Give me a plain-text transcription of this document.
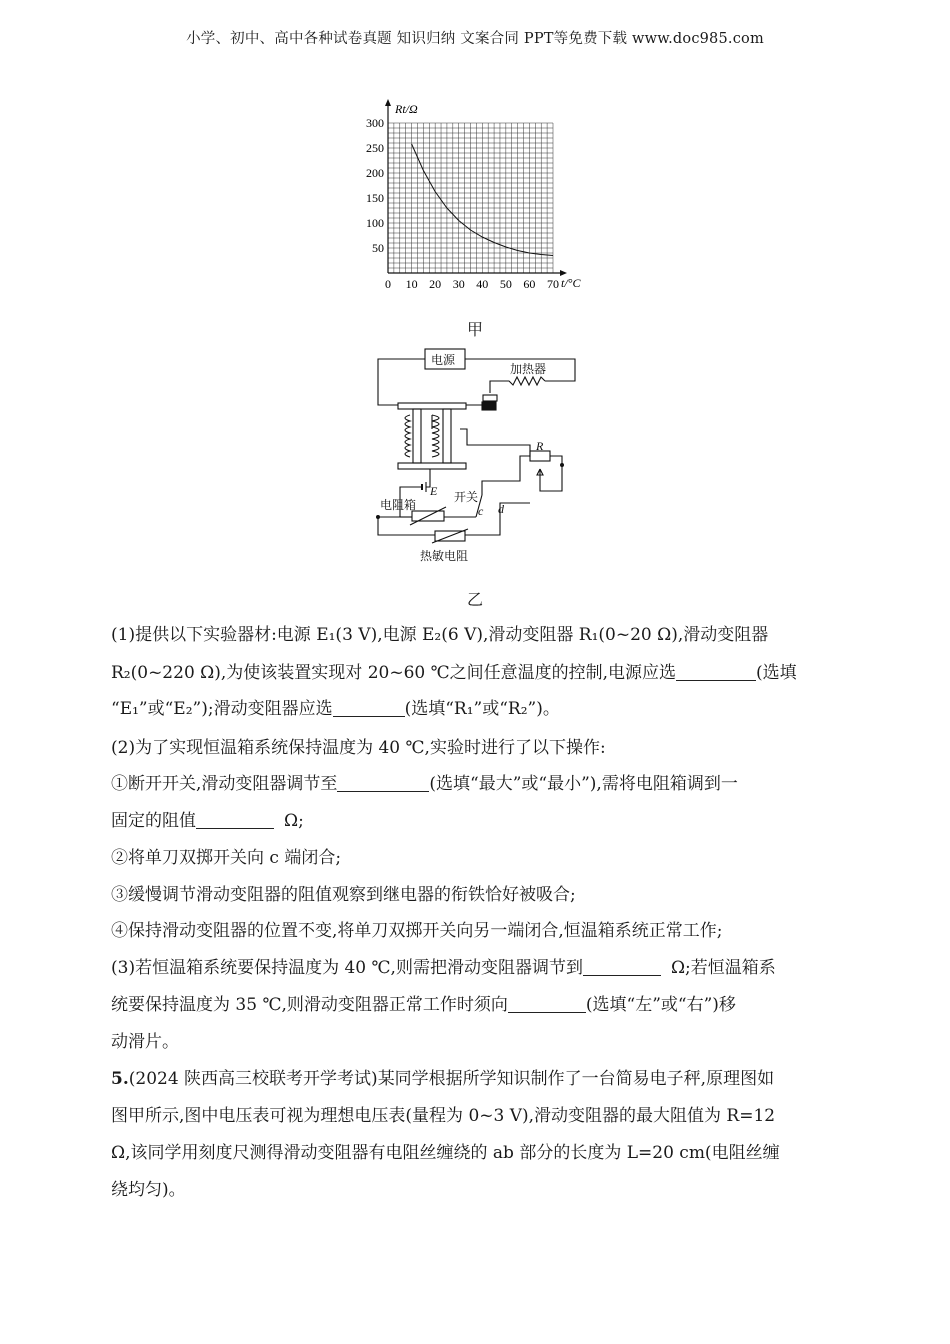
小学、初中、高中各种试卷真题 知识归纳 文案合同 PPT等免费下载 www.doc985.com
0 10 20 30 40 50 60 70
50
100
150
200
250
300
Rt/Ω
t/°C
甲
电源
加热器
R
E
电阻箱
开关
c d
热敏电阻
乙
(1)提供以下实验器材:电源 E₁(3 V),电源 E₂(6 V),滑动变阻器 R₁(0~20 Ω),滑动变阻器
R₂(0~220 Ω),为使该装置实现对 20~60 ℃之间任意温度的控制,电源应选	(选填
“E₁”或“E₂”);滑动变阻器应选	(选填“R₁”或“R₂”)。
(2)为了实现恒温箱系统保持温度为 40 ℃,实验时进行了以下操作:
①断开开关,滑动变阻器调节至	(选填“最大”或“最小”),需将电阻箱调到一
固定的阻值	Ω;
②将单刀双掷开关向 c 端闭合;
③缓慢调节滑动变阻器的阻值观察到继电器的衔铁恰好被吸合;
④保持滑动变阻器的位置不变,将单刀双掷开关向另一端闭合,恒温箱系统正常工作;
(3)若恒温箱系统要保持温度为 40 ℃,则需把滑动变阻器调节到	Ω;若恒温箱系
统要保持温度为 35 ℃,则滑动变阻器正常工作时须向	(选填“左”或“右”)移
动滑片。
5.(2024 陕西高三校联考开学考试)某同学根据所学知识制作了一台简易电子秤,原理图如
图甲所示,图中电压表可视为理想电压表(量程为 0~3 V),滑动变阻器的最大阻值为 R=12
Ω,该同学用刻度尺测得滑动变阻器有电阻丝缠绕的 ab 部分的长度为 L=20 cm(电阻丝缠
绕均匀)。
